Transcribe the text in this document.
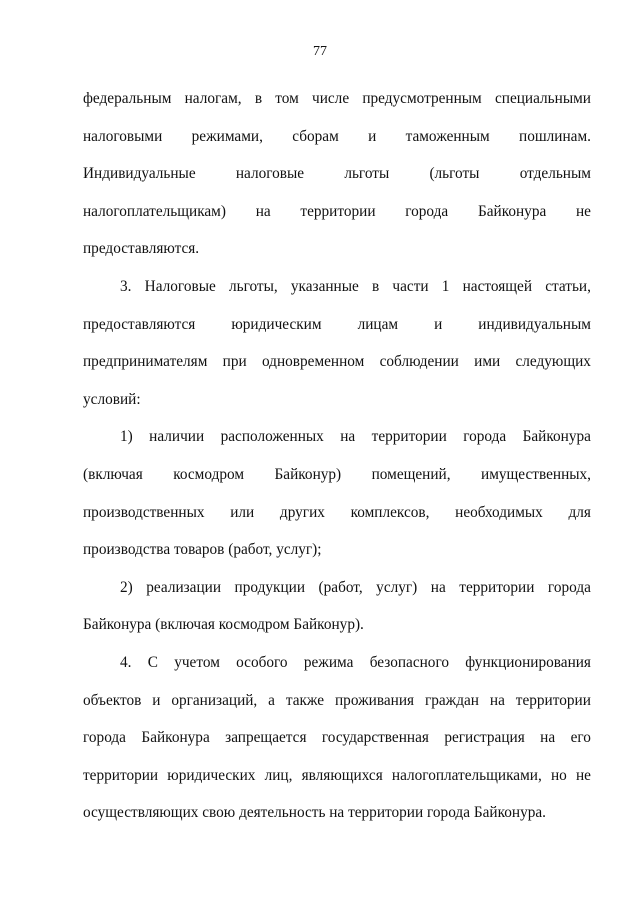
77
федеральным налогам, в том числе предусмотренным специальными
налоговыми режимами, сборам и таможенным пошлинам.
Индивидуальные	налоговые	льготы	(льготы	отдельным
налогоплательщикам) на территории города Байконура не
предоставляются.
3. Налоговые льготы, указанные в части 1 настоящей статьи,
предоставляются юридическим лицам и индивидуальным
предпринимателям при одновременном соблюдении ими следующих
условий:
1) наличии расположенных на территории города Байконура
(включая космодром Байконур) помещений, имущественных,
производственных или других комплексов, необходимых для
производства товаров (работ, услуг);
2) реализации продукции (работ, услуг) на территории города
Байконура (включая космодром Байконур).
4. С учетом особого режима безопасного функционирования
объектов и организаций, а также проживания граждан на территории
города Байконура запрещается государственная регистрация на его
территории юридических лиц, являющихся налогоплательщиками, но не
осуществляющих свою деятельность на территории города Байконура.
